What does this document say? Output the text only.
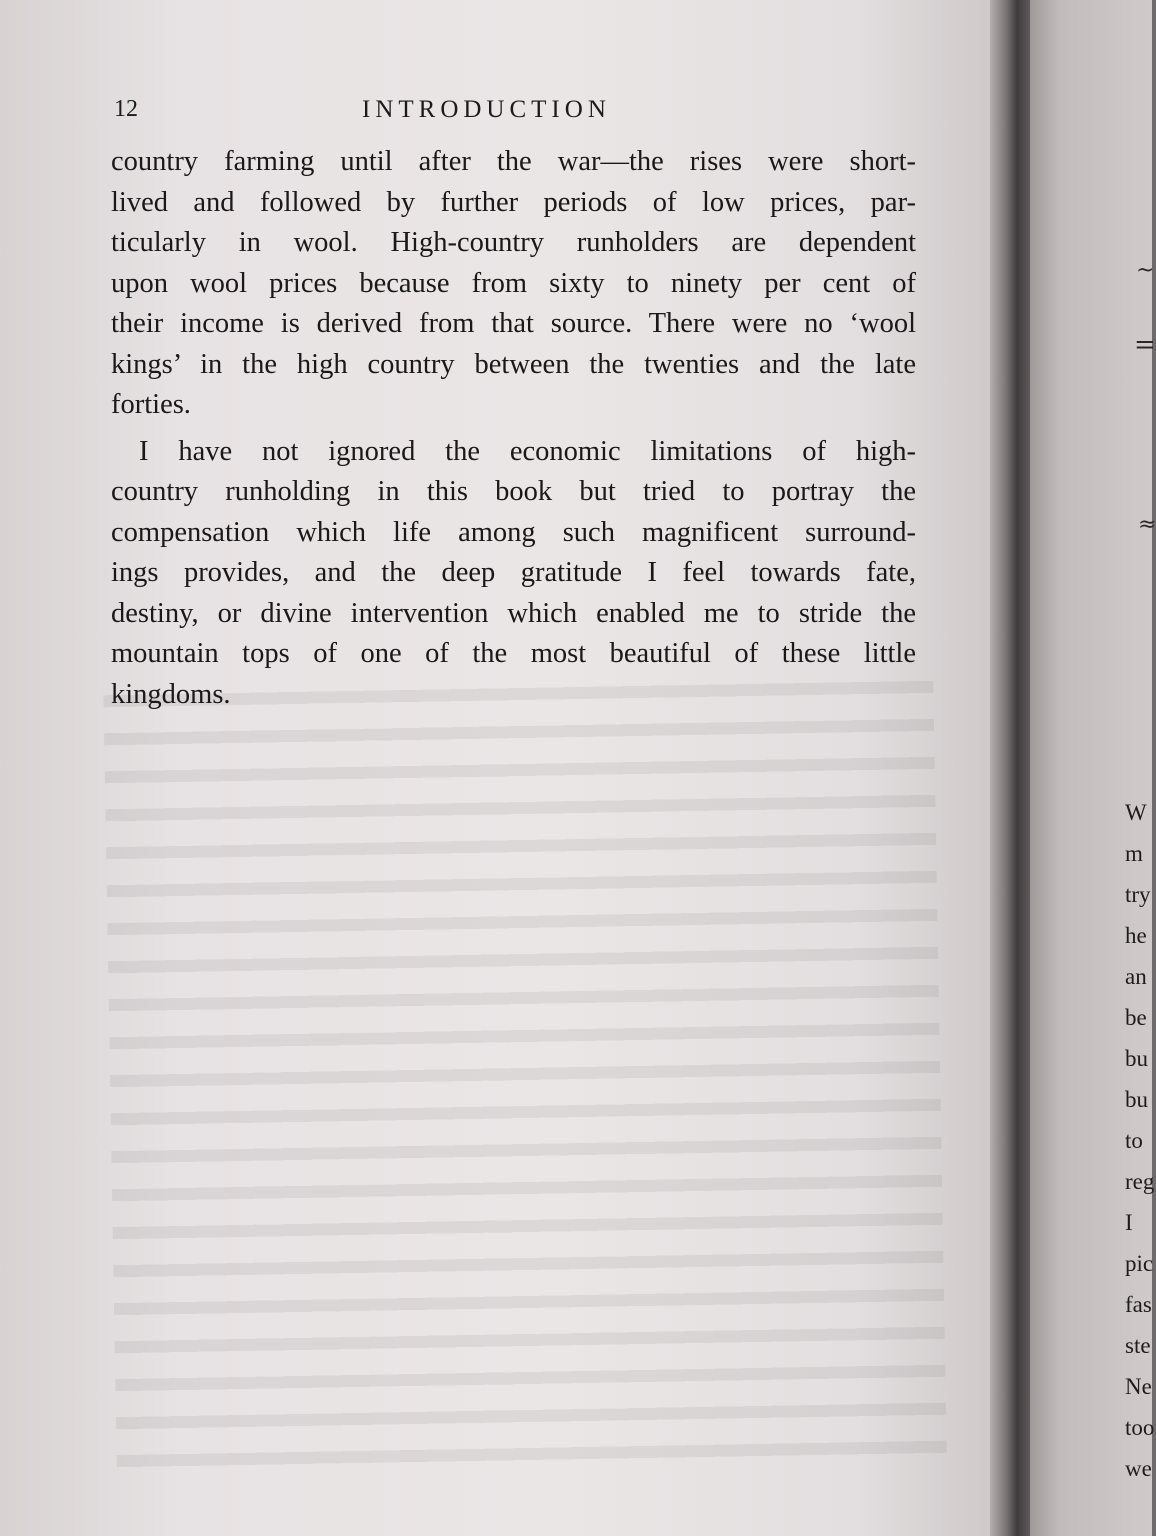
12	INTRODUCTION
country farming until after the war—the rises were short-
lived and followed by further periods of low prices, par-
ticularly in wool. High-country runholders are dependent
upon wool prices because from sixty to ninety per cent of
their income is derived from that source. There were no ‘wool
kings’ in the high country between the twenties and the late
forties.
I have not ignored the economic limitations of high-
country runholding in this book but tried to portray the
compensation which life among such magnificent surround-
ings provides, and the deep gratitude I feel towards fate,
destiny, or divine intervention which enabled me to stride the
mountain tops of one of the most beautiful of these little
kingdoms.
~
=
≈
W
m
try
he
an
be
bu
bu
to
reg
I
pic
fas
ste
Ne
too
we
